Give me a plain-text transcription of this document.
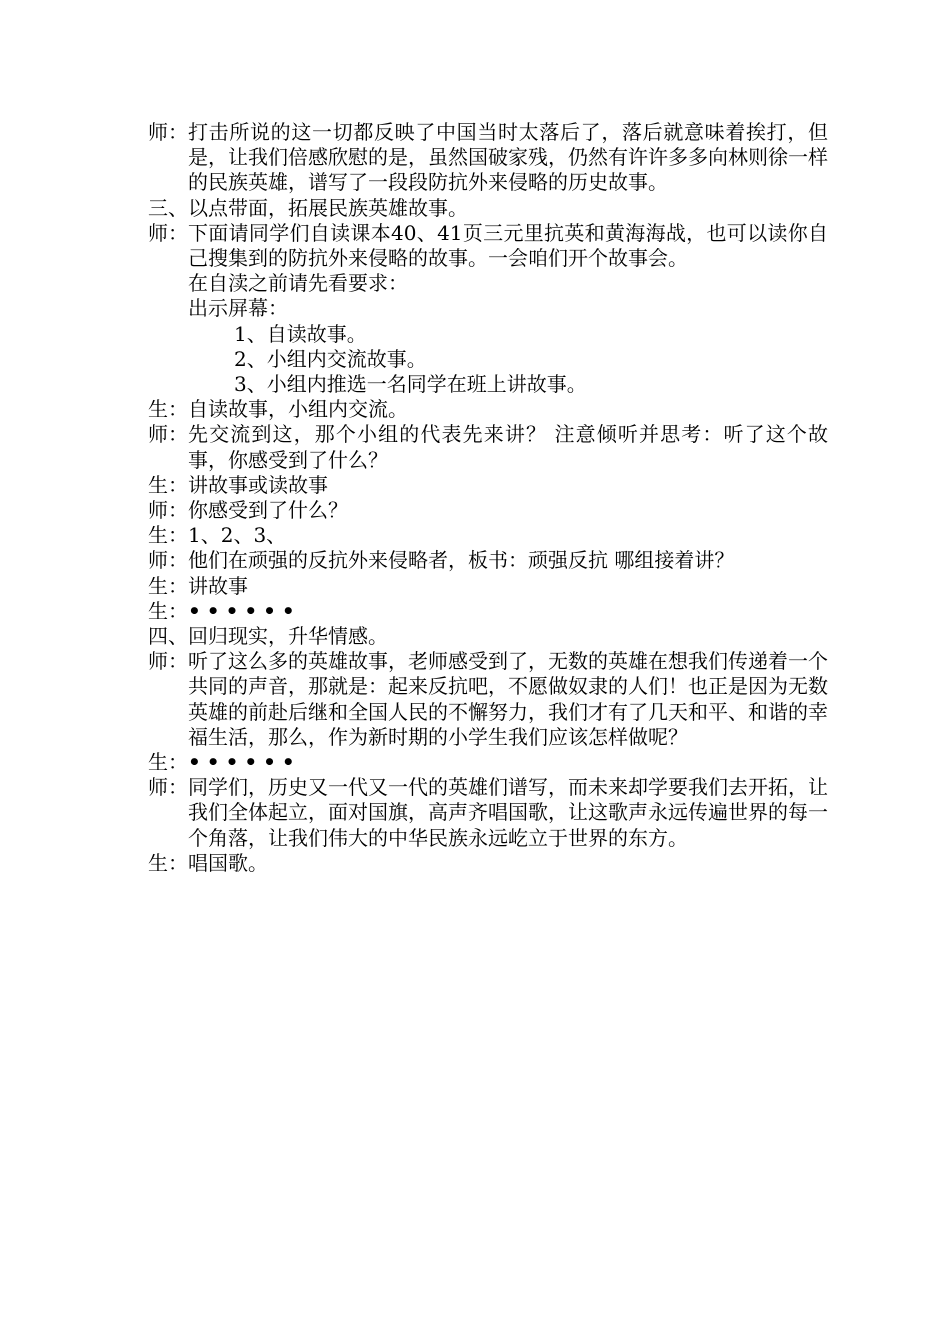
师： 打击所说的这一切都反映了中国当时太落后了，落后就意味着挨打，但是，让我们倍感欣慰的是，虽然国破家残，仍然有许许多多向林则徐一样的民族英雄，谱写了一段段防抗外来侵略的历史故事。
三、以点带面，拓展民族英雄故事。
师： 下面请同学们自读课本40、41页三元里抗英和黄海海战，也可以读你自己搜集到的防抗外来侵略的故事。一会咱们开个故事会。
在自渎之前请先看要求：
出示屏幕：
1、自读故事。
2、小组内交流故事。
3、小组内推选一名同学在班上讲故事。
生： 自读故事，小组内交流。
师： 先交流到这，那个小组的代表先来讲？ 注意倾听并思考：听了这个故事，你感受到了什么？
生： 讲故事或读故事
师： 你感受到了什么？
生： 1、2、3、
师： 他们在顽强的反抗外来侵略者，板书：顽强反抗 哪组接着讲？
生： 讲故事
生： ••••••
四、回归现实，升华情感。
师： 听了这么多的英雄故事，老师感受到了，无数的英雄在想我们传递着一个共同的声音，那就是：起来反抗吧，不愿做奴隶的人们！也正是因为无数英雄的前赴后继和全国人民的不懈努力，我们才有了几天和平、和谐的幸福生活，那么，作为新时期的小学生我们应该怎样做呢？
生： ••••••
师： 同学们，历史又一代又一代的英雄们谱写，而未来却学要我们去开拓，让我们全体起立，面对国旗，高声齐唱国歌，让这歌声永远传遍世界的每一个角落，让我们伟大的中华民族永远屹立于世界的东方。
生： 唱国歌。
